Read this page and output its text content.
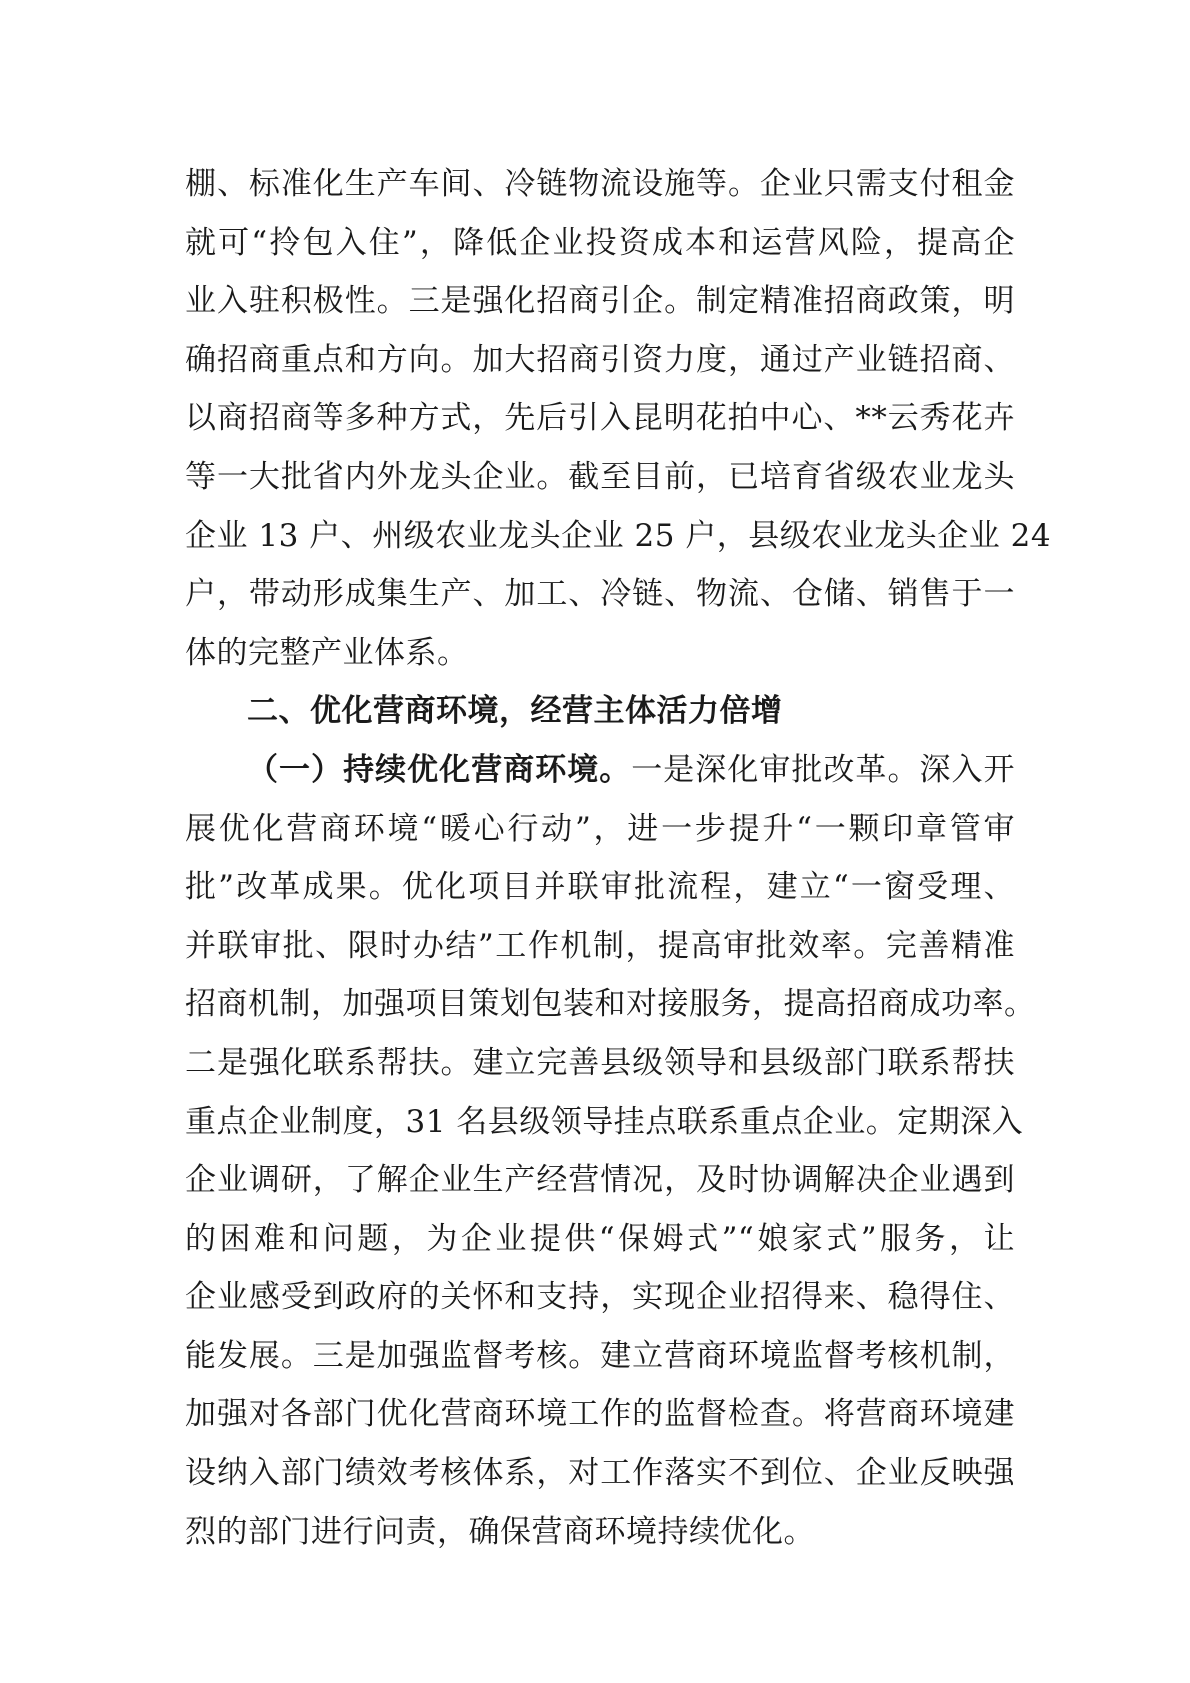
棚、标准化生产车间、冷链物流设施等。企业只需支付租金
就可“拎包入住”，降低企业投资成本和运营风险，提高企
业入驻积极性。三是强化招商引企。制定精准招商政策，明
确招商重点和方向。加大招商引资力度，通过产业链招商、
以商招商等多种方式，先后引入昆明花拍中心、**云秀花卉
等一大批省内外龙头企业。截至目前，已培育省级农业龙头
企业 13 户、州级农业龙头企业 25 户，县级农业龙头企业 24
户，带动形成集生产、加工、冷链、物流、仓储、销售于一
体的完整产业体系。
二、优化营商环境，经营主体活力倍增
（一）持续优化营商环境。一是深化审批改革。深入开
展优化营商环境“暖心行动”，进一步提升“一颗印章管审
批”改革成果。优化项目并联审批流程，建立“一窗受理、
并联审批、限时办结”工作机制，提高审批效率。完善精准
招商机制，加强项目策划包装和对接服务，提高招商成功率。
二是强化联系帮扶。建立完善县级领导和县级部门联系帮扶
重点企业制度，31 名县级领导挂点联系重点企业。定期深入
企业调研，了解企业生产经营情况，及时协调解决企业遇到
的困难和问题，为企业提供“保姆式”“娘家式”服务，让
企业感受到政府的关怀和支持，实现企业招得来、稳得住、
能发展。三是加强监督考核。建立营商环境监督考核机制，
加强对各部门优化营商环境工作的监督检查。将营商环境建
设纳入部门绩效考核体系，对工作落实不到位、企业反映强
烈的部门进行问责，确保营商环境持续优化。
